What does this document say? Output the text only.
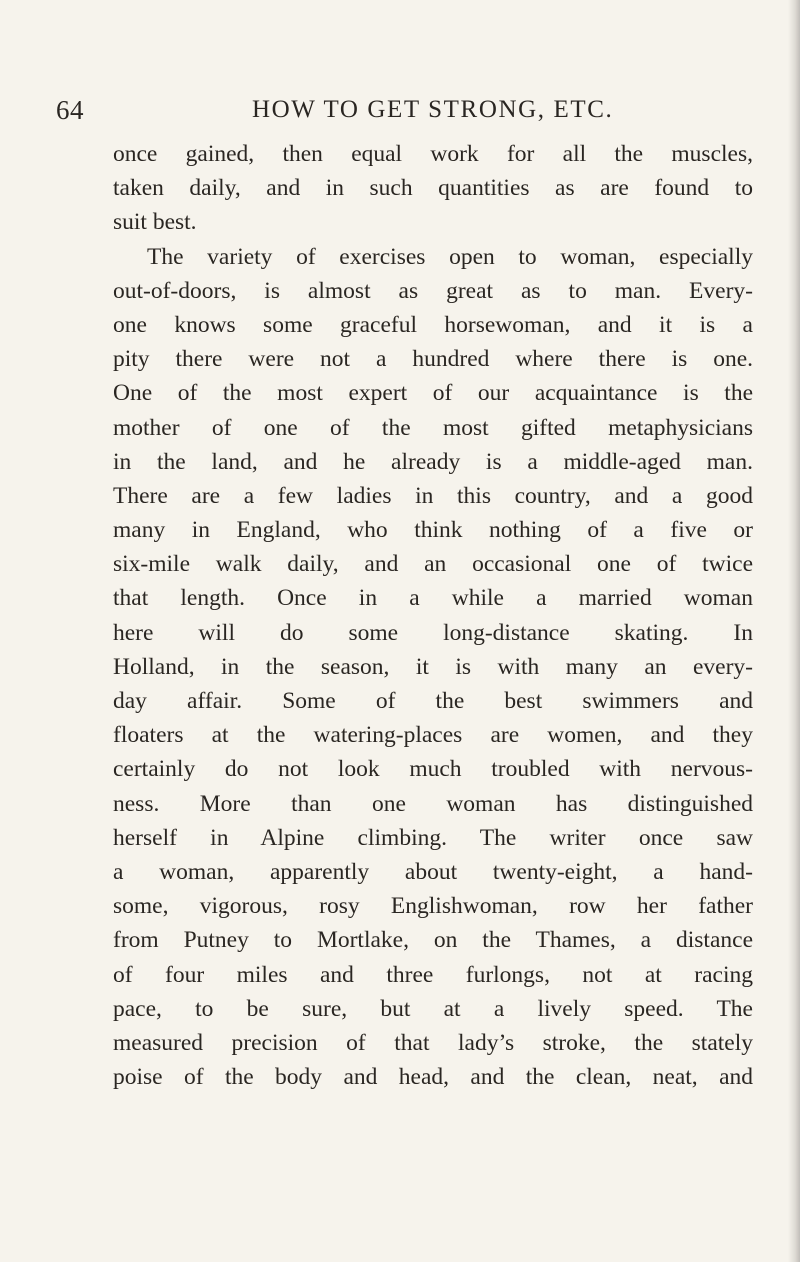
64	HOW TO GET STRONG, ETC.
once gained, then equal work for all the muscles,
taken daily, and in such quantities as are found to
suit best.
The variety of exercises open to woman, especially
out-of-doors, is almost as great as to man. Every-
one knows some graceful horsewoman, and it is a
pity there were not a hundred where there is one.
One of the most expert of our acquaintance is the
mother of one of the most gifted metaphysicians
in the land, and he already is a middle-aged man.
There are a few ladies in this country, and a good
many in England, who think nothing of a five or
six-mile walk daily, and an occasional one of twice
that length. Once in a while a married woman
here will do some long-distance skating. In
Holland, in the season, it is with many an every-
day affair. Some of the best swimmers and
floaters at the watering-places are women, and they
certainly do not look much troubled with nervous-
ness. More than one woman has distinguished
herself in Alpine climbing. The writer once saw
a woman, apparently about twenty-eight, a hand-
some, vigorous, rosy Englishwoman, row her father
from Putney to Mortlake, on the Thames, a distance
of four miles and three furlongs, not at racing
pace, to be sure, but at a lively speed. The
measured precision of that lady’s stroke, the stately
poise of the body and head, and the clean, neat, and
